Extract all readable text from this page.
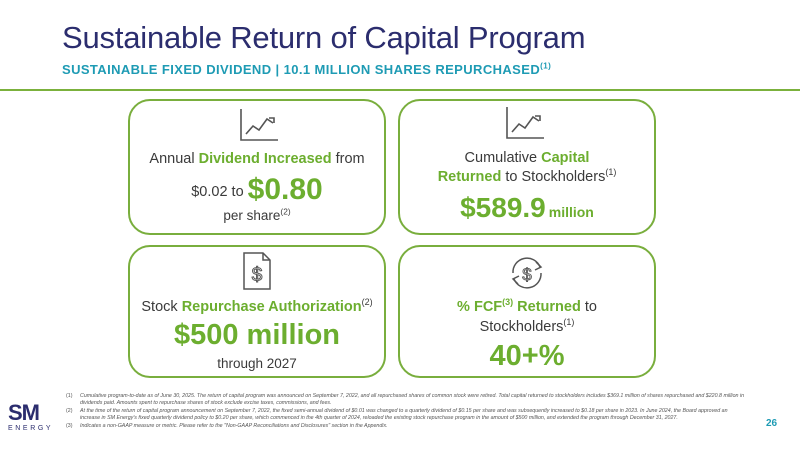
Sustainable Return of Capital Program
SUSTAINABLE FIXED DIVIDEND | 10.1 MILLION SHARES REPURCHASED$^{(1)}$
Annual Dividend Increased from
$0.02 to $0.80
per share$^{(2)}$
Cumulative Capital
Returned to Stockholders$^{(1)}$
$589.9 million
$
Stock Repurchase Authorization$^{(2)}$
$500 million
through 2027
$
% FCF$^{(3)}$ Returned to
Stockholders$^{(1)}$
40+%
(1)	Cumulative program-to-date as of June 30, 2025. The return of capital program was announced on September 7, 2022, and all repurchased shares of common stock were retired. Total capital returned to stockholders includes $369.1 million of shares repurchased and $220.8 million in dividends paid. Amounts spent to repurchase shares of stock exclude excise taxes, commissions, and fees.
(2)	At the time of the return of capital program announcement on September 7, 2022, the fixed semi-annual dividend of $0.01 was changed to a quarterly dividend of $0.15 per share and was subsequently increased to $0.18 per share in 2023. In June 2024, the Board approved an increase in SM Energy's fixed quarterly dividend policy to $0.20 per share, which commenced in the 4th quarter of 2024, reloaded the existing stock repurchase program in the amount of $500 million, and extended the program through December 31, 2027.
(3)	Indicates a non-GAAP measure or metric. Please refer to the "Non-GAAP Reconciliations and Disclosures" section in the Appendix.
SM
ENERGY	26
